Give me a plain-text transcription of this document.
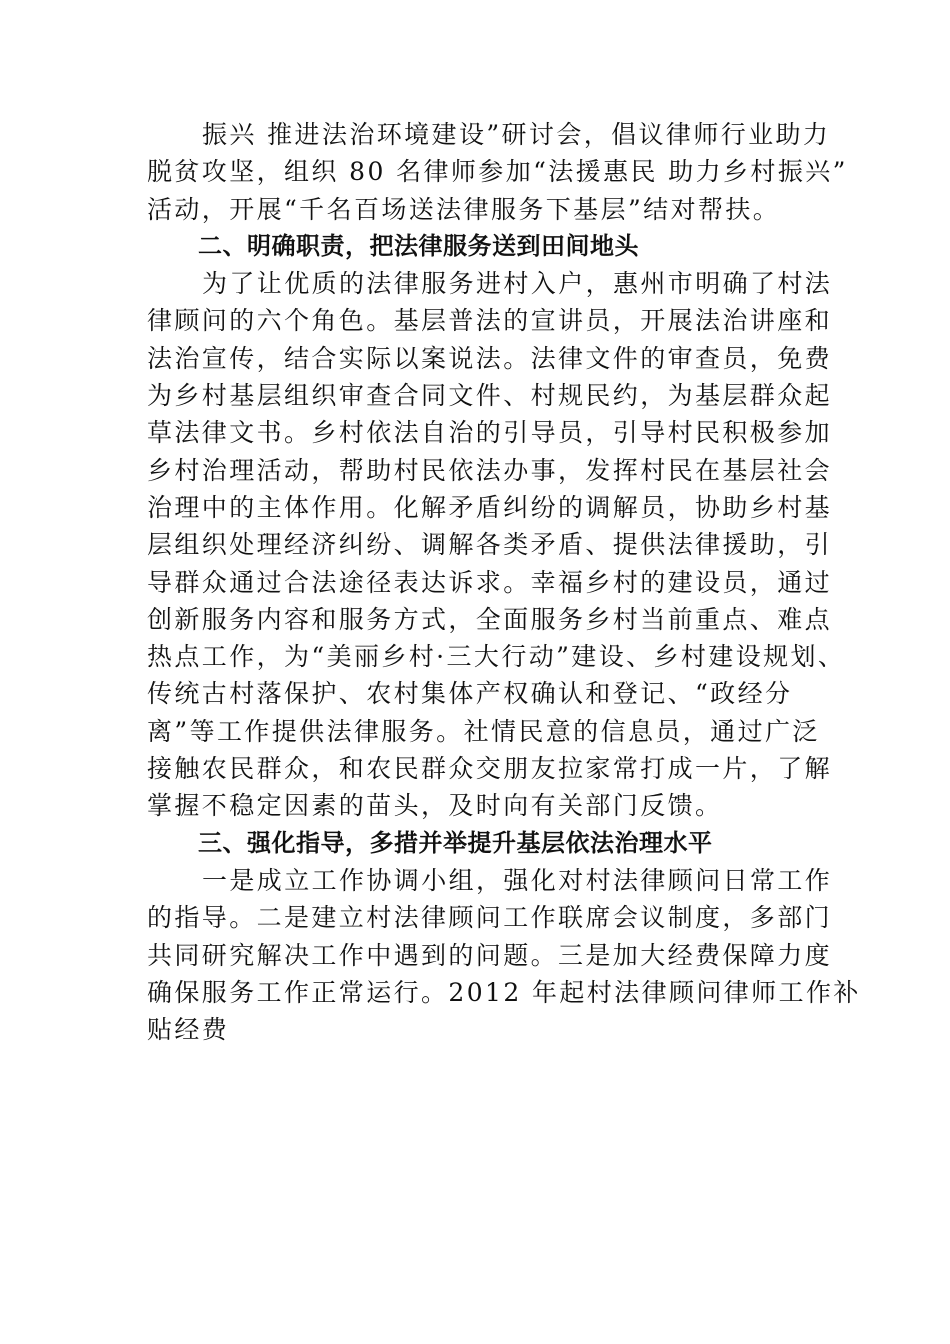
振兴 推进法治环境建设”研讨会，倡议律师行业助力
脱贫攻坚，组织 80 名律师参加“法援惠民 助力乡村振兴”
活动，开展“千名百场送法律服务下基层”结对帮扶。
二、明确职责，把法律服务送到田间地头
为了让优质的法律服务进村入户，惠州市明确了村法
律顾问的六个角色。基层普法的宣讲员，开展法治讲座和
法治宣传，结合实际以案说法。法律文件的审查员，免费
为乡村基层组织审查合同文件、村规民约，为基层群众起
草法律文书。乡村依法自治的引导员，引导村民积极参加
乡村治理活动，帮助村民依法办事，发挥村民在基层社会
治理中的主体作用。化解矛盾纠纷的调解员，协助乡村基
层组织处理经济纠纷、调解各类矛盾、提供法律援助，引
导群众通过合法途径表达诉求。幸福乡村的建设员，通过
创新服务内容和服务方式，全面服务乡村当前重点、难点
热点工作，为“美丽乡村·三大行动”建设、乡村建设规划、
传统古村落保护、农村集体产权确认和登记、“政经分
离”等工作提供法律服务。社情民意的信息员，通过广泛
接触农民群众，和农民群众交朋友拉家常打成一片，了解
掌握不稳定因素的苗头，及时向有关部门反馈。
三、强化指导，多措并举提升基层依法治理水平
一是成立工作协调小组，强化对村法律顾问日常工作
的指导。二是建立村法律顾问工作联席会议制度，多部门
共同研究解决工作中遇到的问题。三是加大经费保障力度
确保服务工作正常运行。2012 年起村法律顾问律师工作补
贴经费
